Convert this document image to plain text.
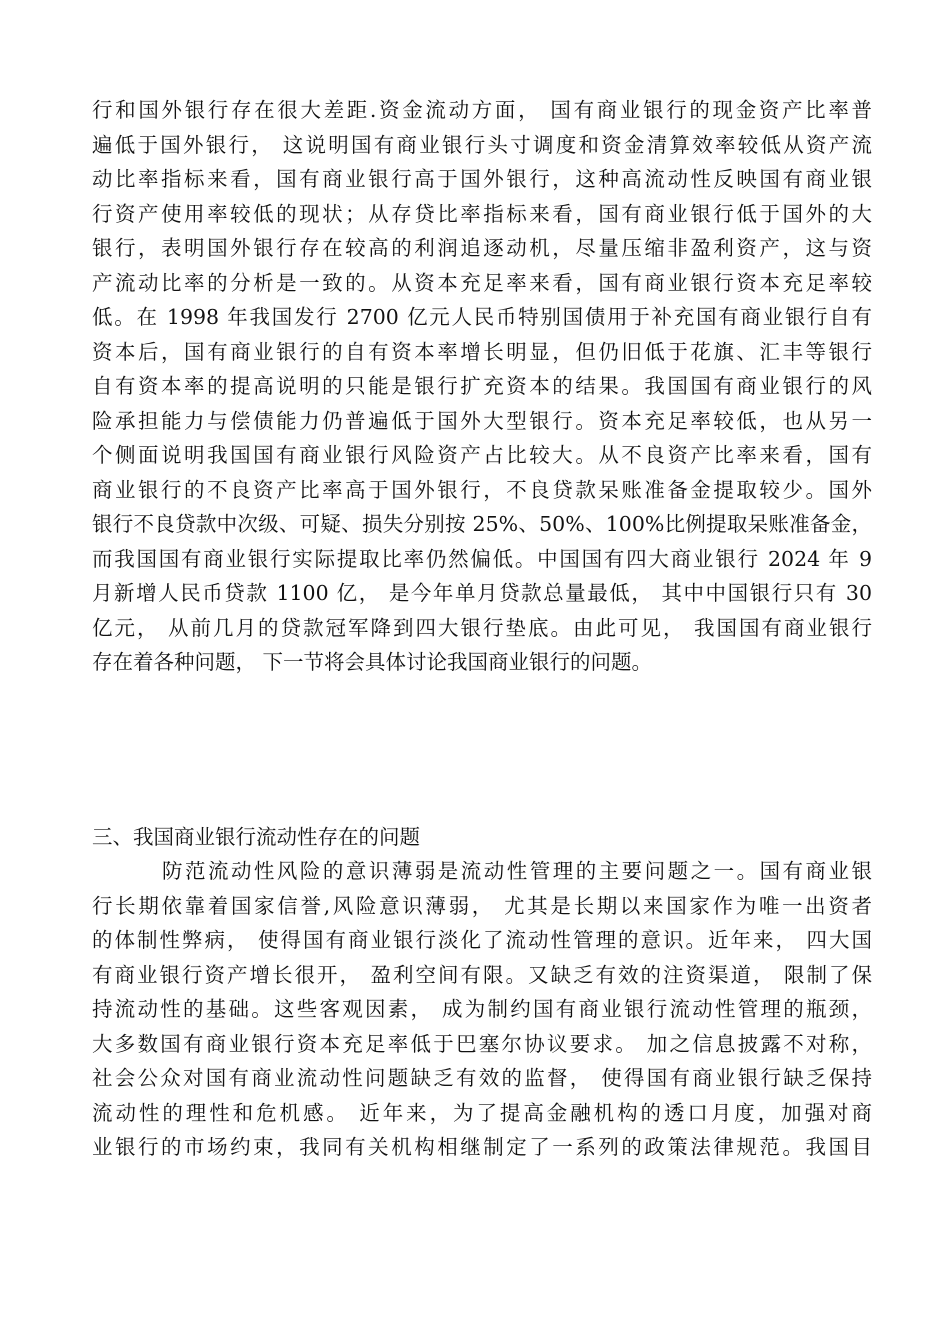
行和国外银行存在很大差距.资金流动方面， 国有商业银行的现金资产比率普
遍低于国外银行， 这说明国有商业银行头寸调度和资金清算效率较低从资产流
动比率指标来看，国有商业银行高于国外银行，这种高流动性反映国有商业银
行资产使用率较低的现状；从存贷比率指标来看，国有商业银行低于国外的大
银行，表明国外银行存在较高的利润追逐动机，尽量压缩非盈利资产，这与资
产流动比率的分析是一致的。从资本充足率来看，国有商业银行资本充足率较
低。在 1998 年我国发行 2700 亿元人民币特别国债用于补充国有商业银行自有
资本后，国有商业银行的自有资本率增长明显，但仍旧低于花旗、汇丰等银行
自有资本率的提高说明的只能是银行扩充资本的结果。我国国有商业银行的风
险承担能力与偿债能力仍普遍低于国外大型银行。资本充足率较低，也从另一
个侧面说明我国国有商业银行风险资产占比较大。从不良资产比率来看，国有
商业银行的不良资产比率高于国外银行，不良贷款呆账准备金提取较少。国外
银行不良贷款中次级、可疑、损失分别按 25%、50%、100%比例提取呆账准备金，
而我国国有商业银行实际提取比率仍然偏低。中国国有四大商业银行 2024 年 9
月新增人民币贷款 1100 亿， 是今年单月贷款总量最低， 其中中国银行只有 30
亿元， 从前几月的贷款冠军降到四大银行垫底。由此可见， 我国国有商业银行
存在着各种问题， 下一节将会具体讨论我国商业银行的问题。
三、我国商业银行流动性存在的问题
防范流动性风险的意识薄弱是流动性管理的主要问题之一。国有商业银
行长期依靠着国家信誉,风险意识薄弱， 尤其是长期以来国家作为唯一出资者
的体制性弊病， 使得国有商业银行淡化了流动性管理的意识。近年来， 四大国
有商业银行资产增长很开， 盈利空间有限。又缺乏有效的注资渠道， 限制了保
持流动性的基础。这些客观因素， 成为制约国有商业银行流动性管理的瓶颈，
大多数国有商业银行资本充足率低于巴塞尔协议要求。 加之信息披露不对称，
社会公众对国有商业流动性问题缺乏有效的监督， 使得国有商业银行缺乏保持
流动性的理性和危机感。 近年来，为了提高金融机构的透口月度，加强对商
业银行的市场约束，我同有关机构相继制定了一系列的政策法律规范。我国目
